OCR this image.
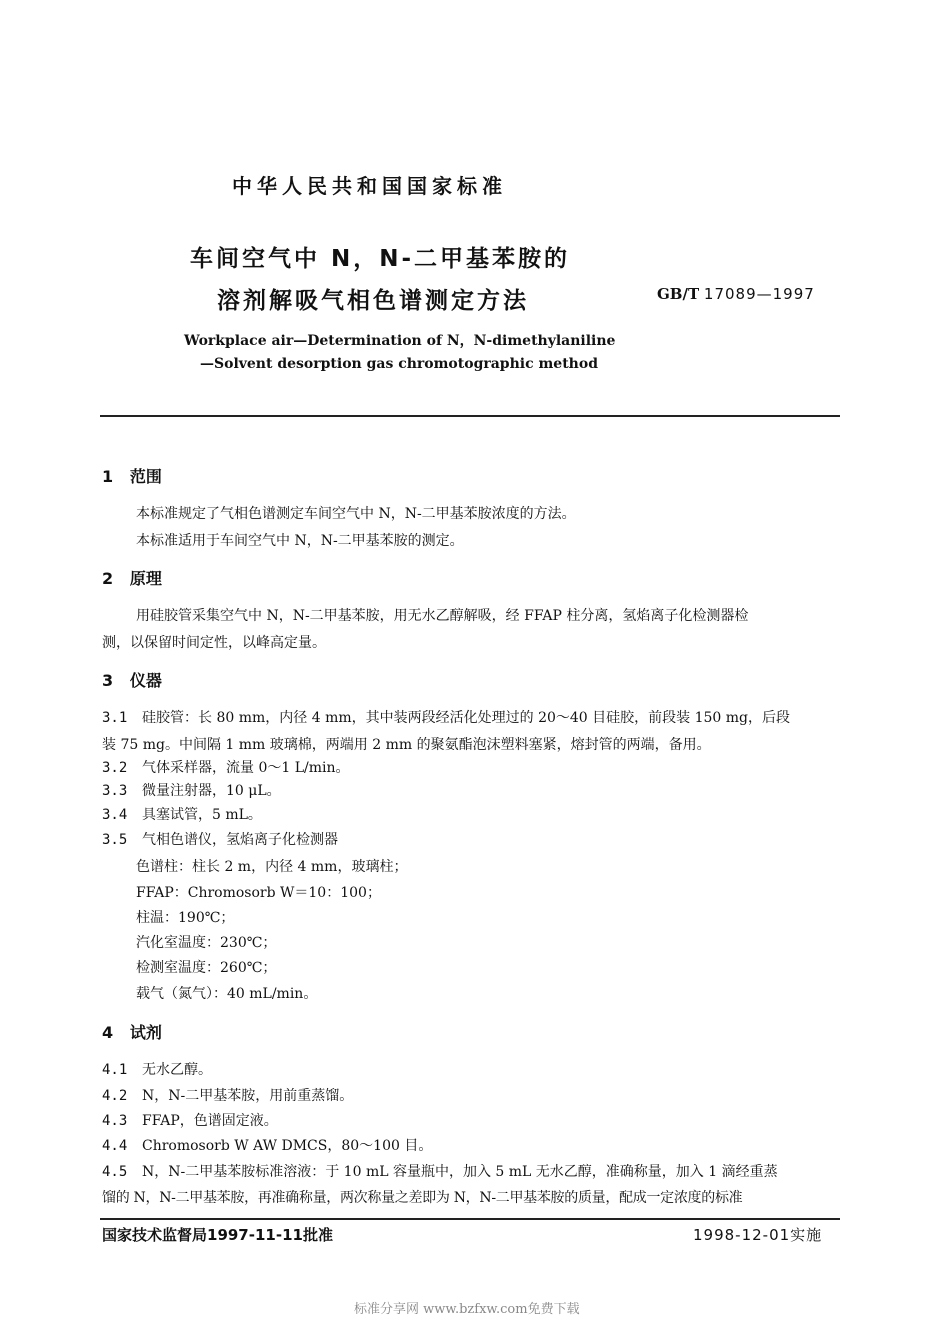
中华人民共和国国家标准
车间空气中 N，N-二甲基苯胺的
溶剂解吸气相色谱测定方法	GB/T 17089—1997
Workplace air—Determination of N，N-dimethylaniline
—Solvent desorption gas chromotographic method
1 范围
本标准规定了气相色谱测定车间空气中 N，N-二甲基苯胺浓度的方法。
本标准适用于车间空气中 N，N-二甲基苯胺的测定。
2 原理
用硅胶管采集空气中 N，N-二甲基苯胺，用无水乙醇解吸，经 FFAP 柱分离，氢焰离子化检测器检
测，以保留时间定性，以峰高定量。
3 仪器
3.1 硅胶管：长 80 mm，内径 4 mm，其中装两段经活化处理过的 20～40 目硅胶，前段装 150 mg，后段
装 75 mg。中间隔 1 mm 玻璃棉，两端用 2 mm 的聚氨酯泡沫塑料塞紧，熔封管的两端，备用。
3.2 气体采样器，流量 0～1 L/min。
3.3 微量注射器，10 μL。
3.4 具塞试管，5 mL。
3.5 气相色谱仪，氢焰离子化检测器
色谱柱：柱长 2 m，内径 4 mm，玻璃柱；
FFAP：Chromosorb W＝10：100；
柱温：190℃；
汽化室温度：230℃；
检测室温度：260℃；
载气（氮气）：40 mL/min。
4 试剂
4.1 无水乙醇。
4.2 N，N-二甲基苯胺，用前重蒸馏。
4.3 FFAP，色谱固定液。
4.4 Chromosorb W AW DMCS，80～100 目。
4.5 N，N-二甲基苯胺标准溶液：于 10 mL 容量瓶中，加入 5 mL 无水乙醇，准确称量，加入 1 滴经重蒸
馏的 N，N-二甲基苯胺，再准确称量，两次称量之差即为 N，N-二甲基苯胺的质量，配成一定浓度的标准
国家技术监督局1997-11-11批准	1998-12-01实施
标准分享网 www.bzfxw.com免费下载
